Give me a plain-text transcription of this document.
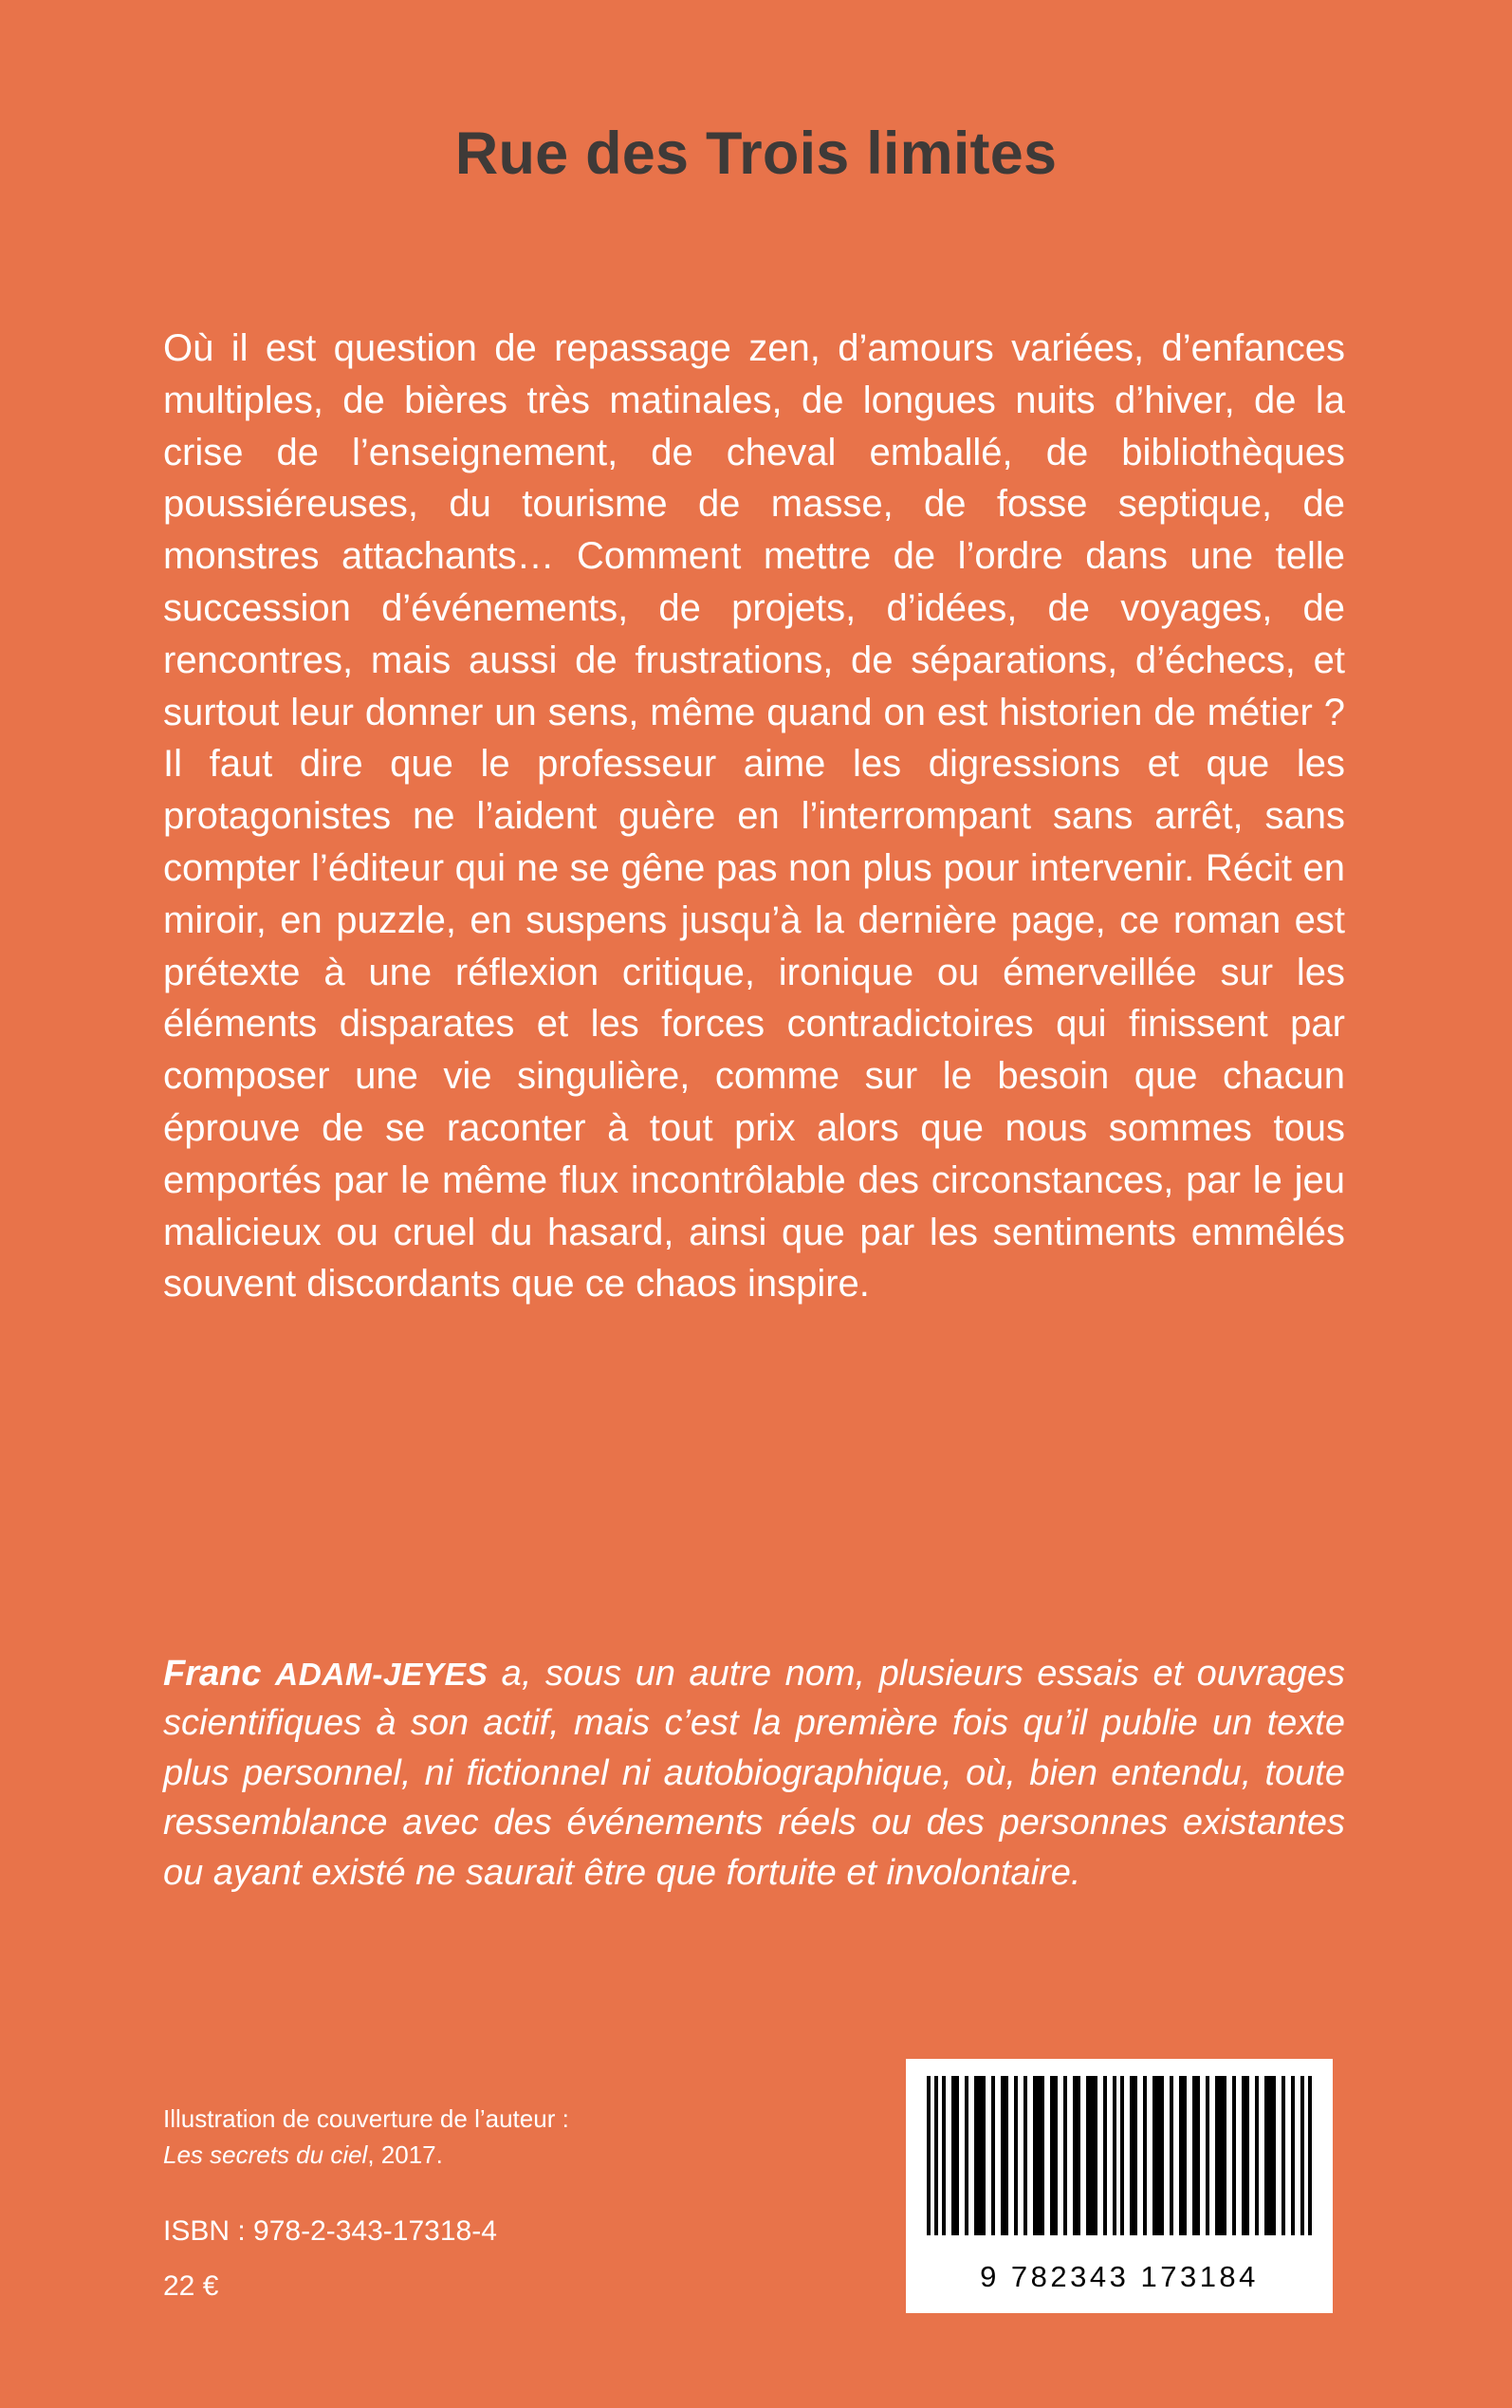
Rue des Trois limites
Où il est question de repassage zen, d’amours variées, d’enfances multiples, de bières très matinales, de longues nuits d’hiver, de la crise de l’enseignement, de cheval emballé, de bibliothèques poussiéreuses, du tourisme de masse, de fosse septique, de monstres attachants… Comment mettre de l’ordre dans une telle succession d’événements, de projets, d’idées, de voyages, de rencontres, mais aussi de frustrations, de séparations, d’échecs, et surtout leur donner un sens, même quand on est historien de métier ? Il faut dire que le professeur aime les digressions et que les protagonistes ne l’aident guère en l’interrompant sans arrêt, sans compter l’éditeur qui ne se gêne pas non plus pour intervenir. Récit en miroir, en puzzle, en suspens jusqu’à la dernière page, ce roman est prétexte à une réflexion critique, ironique ou émerveillée sur les éléments disparates et les forces contradictoires qui finissent par composer une vie singulière, comme sur le besoin que chacun éprouve de se raconter à tout prix alors que nous sommes tous emportés par le même flux incontrôlable des circonstances, par le jeu malicieux ou cruel du hasard, ainsi que par les sentiments emmêlés souvent discordants que ce chaos inspire.
Franc ADAM-JEYES a, sous un autre nom, plusieurs essais et ouvrages scientifiques à son actif, mais c’est la première fois qu’il publie un texte plus personnel, ni fictionnel ni autobiographique, où, bien entendu, toute ressemblance avec des événements réels ou des personnes existantes ou ayant existé ne saurait être que fortuite et involontaire.
Illustration de couverture de l’auteur :
Les secrets du ciel, 2017.
ISBN : 978-2-343-17318-4
22 €	9 782343 173184
